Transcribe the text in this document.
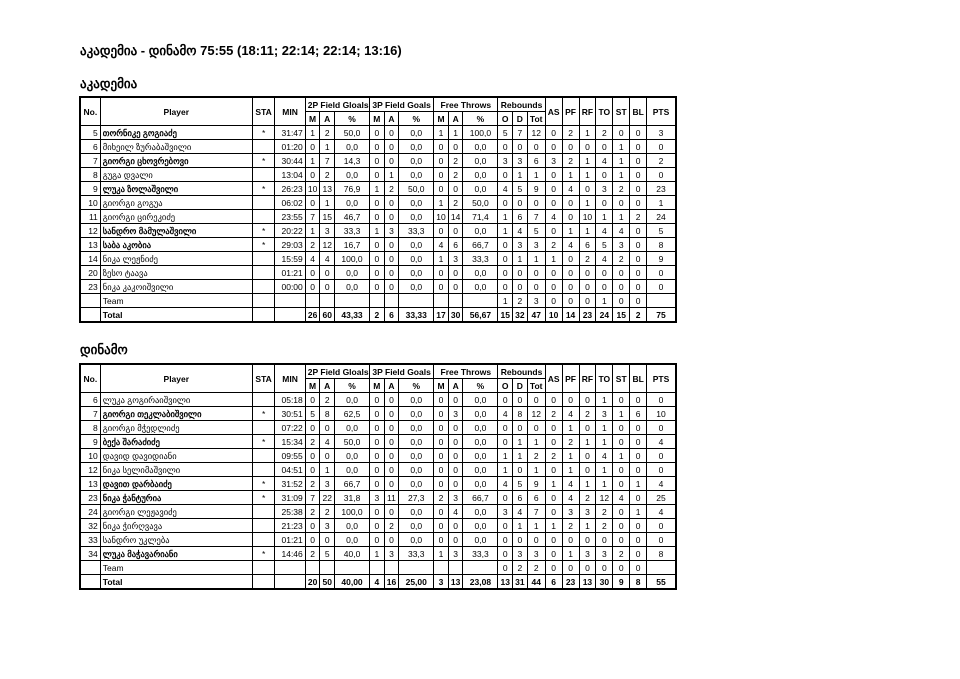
აკადემია - დინამო 75:55 (18:11; 22:14; 22:14; 13:16)
აკადემია
No.	Player	STA	MIN	2P Field Gloals			3P Field Goals			Free Throws			Rebounds			AS	PF	RF	TO	ST	BL	PTS
				M	A	%	M	A	%	M	A	%	O	D	Tot							
5	თორნიკე გოგიაძე	*	31:47	1	2	50,0	0	0	0,0	1	1	100,0	5	7	12	0	2	1	2	0	0	3
6	მიხეილ ზურაბაშვილი		01:20	0	1	0,0	0	0	0,0	0	0	0,0	0	0	0	0	0	0	0	1	0	0
7	გიორგი ცხოვრებოვი	*	30:44	1	7	14,3	0	0	0,0	0	2	0,0	3	3	6	3	2	1	4	1	0	2
8	გუგა დვალი		13:04	0	2	0,0	0	1	0,0	0	2	0,0	0	1	1	0	1	1	0	1	0	0
9	ლუკა ზოლაშვილი	*	26:23	10	13	76,9	1	2	50,0	0	0	0,0	4	5	9	0	4	0	3	2	0	23
10	გიორგი გოგუა		06:02	0	1	0,0	0	0	0,0	1	2	50,0	0	0	0	0	0	1	0	0	0	1
11	გიორგი ცირეკიძე		23:55	7	15	46,7	0	0	0,0	10	14	71,4	1	6	7	4	0	10	1	1	2	24
12	სანდრო მამულაშვილი	*	20:22	1	3	33,3	1	3	33,3	0	0	0,0	1	4	5	0	1	1	4	4	0	5
13	საბა აკობია	*	29:03	2	12	16,7	0	0	0,0	4	6	66,7	0	3	3	2	4	6	5	3	0	8
14	ნიკა ლეჟნიძე		15:59	4	4	100,0	0	0	0,0	1	3	33,3	0	1	1	1	0	2	4	2	0	9
20	ზესო ტაავა		01:21	0	0	0,0	0	0	0,0	0	0	0,0	0	0	0	0	0	0	0	0	0	0
23	ნიკა კაკოიშვილი		00:00	0	0	0,0	0	0	0,0	0	0	0,0	0	0	0	0	0	0	0	0	0	0
	Team												1	2	3	0	0	0	1	0	0	
	Total			26	60	43,33	2	6	33,33	17	30	56,67	15	32	47	10	14	23	24	15	2	75
დინამო
No.	Player	STA	MIN	2P Field Gloals			3P Field Goals			Free Throws			Rebounds			AS	PF	RF	TO	ST	BL	PTS
				M	A	%	M	A	%	M	A	%	O	D	Tot							
6	ლუკა გოგირაიშვილი		05:18	0	2	0,0	0	0	0,0	0	0	0,0	0	0	0	0	0	0	1	0	0	0
7	გიორგი თეკლაბიშვილი	*	30:51	5	8	62,5	0	0	0,0	0	3	0,0	4	8	12	2	4	2	3	1	6	10
8	გიორგი მჭედლიძე		07:22	0	0	0,0	0	0	0,0	0	0	0,0	0	0	0	0	1	0	1	0	0	0
9	ბექა შარაძიძე	*	15:34	2	4	50,0	0	0	0,0	0	0	0,0	0	1	1	0	2	1	1	0	0	4
10	დავიდ დავიდიანი		09:55	0	0	0,0	0	0	0,0	0	0	0,0	1	1	2	2	1	0	4	1	0	0
12	ნიკა სელიმაშვილი		04:51	0	1	0,0	0	0	0,0	0	0	0,0	1	0	1	0	1	0	1	0	0	0
13	დავით დარბაიძე	*	31:52	2	3	66,7	0	0	0,0	0	0	0,0	4	5	9	1	4	1	1	0	1	4
23	ნიკა ჭანტურია	*	31:09	7	22	31,8	3	11	27,3	2	3	66,7	0	6	6	0	4	2	12	4	0	25
24	გიორგი ლეჟავიძე		25:38	2	2	100,0	0	0	0,0	0	4	0,0	3	4	7	0	3	3	2	0	1	4
32	ნიკა ჭირღვავა		21:23	0	3	0,0	0	2	0,0	0	0	0,0	0	1	1	1	2	1	2	0	0	0
33	სანდრო უკლება		01:21	0	0	0,0	0	0	0,0	0	0	0,0	0	0	0	0	0	0	0	0	0	0
34	ლუკა მაჭავარიანი	*	14:46	2	5	40,0	1	3	33,3	1	3	33,3	0	3	3	0	1	3	3	2	0	8
	Team												0	2	2	0	0	0	0	0	0	
	Total			20	50	40,00	4	16	25,00	3	13	23,08	13	31	44	6	23	13	30	9	8	55
